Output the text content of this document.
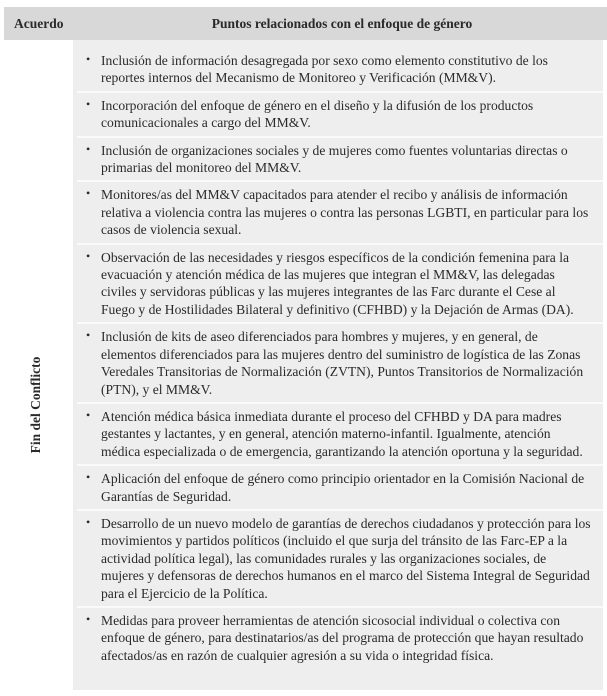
Acuerdo	Puntos relacionados con el enfoque de género
Fin del Conflicto
• Inclusión de información desagregada por sexo como elemento constitutivo de los reportes internos del Mecanismo de Monitoreo y Verificación (MM&V).
• Incorporación del enfoque de género en el diseño y la difusión de los productos comunicacionales a cargo del MM&V.
• Inclusión de organizaciones sociales y de mujeres como fuentes voluntarias directas o primarias del monitoreo del MM&V.
• Monitores/as del MM&V capacitados para atender el recibo y análisis de información relativa a violencia contra las mujeres o contra las personas LGBTI, en particular para los casos de violencia sexual.
• Observación de las necesidades y riesgos específicos de la condición femenina para la evacuación y atención médica de las mujeres que integran el MM&V, las delegadas civiles y servidoras públicas y las mujeres integrantes de las Farc durante el Cese al Fuego y de Hostilidades Bilateral y definitivo (CFHBD) y la Dejación de Armas (DA).
• Inclusión de kits de aseo diferenciados para hombres y mujeres, y en general, de elementos diferenciados para las mujeres dentro del suministro de logística de las Zonas Veredales Transitorias de Normalización (ZVTN), Puntos Transitorios de Normalización (PTN), y el MM&V.
• Atención médica básica inmediata durante el proceso del CFHBD y DA para madres gestantes y lactantes, y en general, atención materno-infantil. Igualmente, atención médica especializada o de emergencia, garantizando la atención oportuna y la seguridad.
• Aplicación del enfoque de género como principio orientador en la Comisión Nacional de Garantías de Seguridad.
• Desarrollo de un nuevo modelo de garantías de derechos ciudadanos y protección para los movimientos y partidos políticos (incluido el que surja del tránsito de las Farc-EP a la actividad política legal), las comunidades rurales y las organizaciones sociales, de mujeres y defensoras de derechos humanos en el marco del Sistema Integral de Seguridad para el Ejercicio de la Política.
• Medidas para proveer herramientas de atención sicosocial individual o colectiva con enfoque de género, para destinatarios/as del programa de protección que hayan resultado afectados/as en razón de cualquier agresión a su vida o integridad física.
